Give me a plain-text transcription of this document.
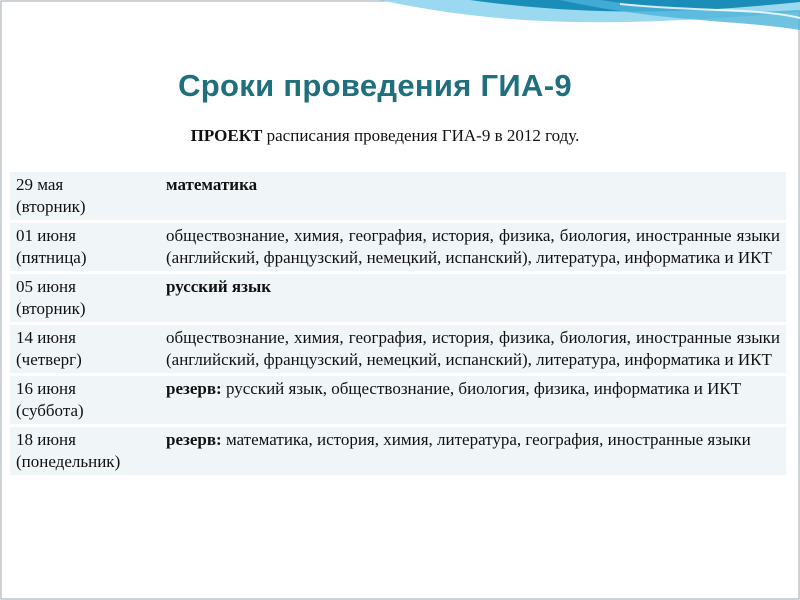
Сроки проведения ГИА-9
ПРОЕКТ расписания проведения ГИА-9 в 2012 году.
29 мая
(вторник)	математика

01 июня
(пятница)	обществознание, химия, география, история, физика, биология, иностранные языки (английский, французский, немецкий, испанский), литература, информатика и ИКТ

05 июня
(вторник)	русский язык

14 июня
(четверг)	обществознание, химия, география, история, физика, биология, иностранные языки (английский, французский, немецкий, испанский), литература, информатика и ИКТ

16 июня
(суббота)	резерв: русский язык, обществознание, биология, физика, информатика и ИКТ

18 июня
(понедельник)	резерв: математика, история, химия, литература, география, иностранные языки
